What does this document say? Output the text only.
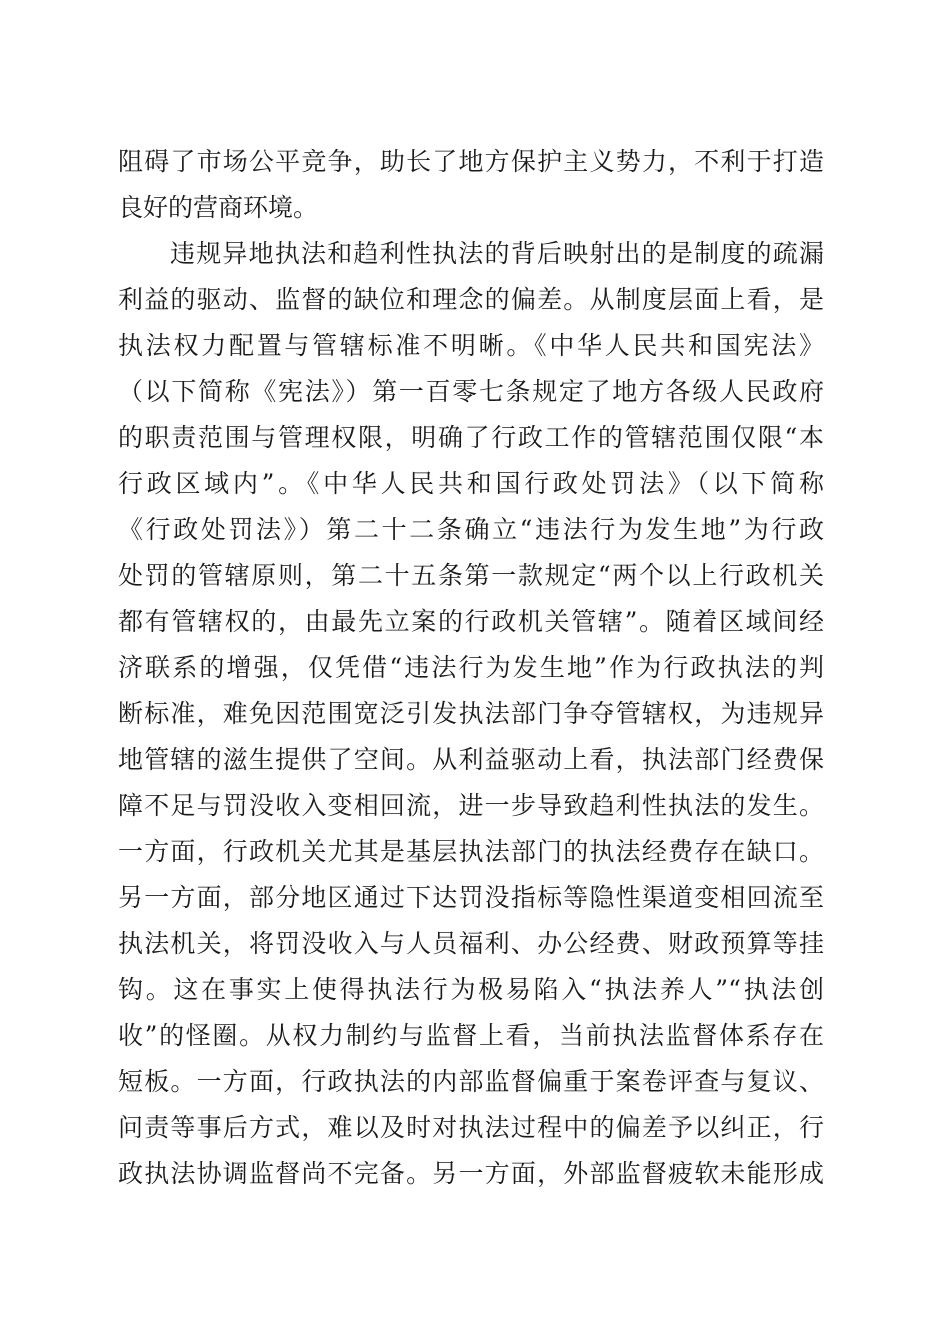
阻碍了市场公平竞争，助长了地方保护主义势力，不利于打造
良好的营商环境。
违规异地执法和趋利性执法的背后映射出的是制度的疏漏
利益的驱动、监督的缺位和理念的偏差。从制度层面上看，是
执法权力配置与管辖标准不明晰。《中华人民共和国宪法》
（以下简称《宪法》）第一百零七条规定了地方各级人民政府
的职责范围与管理权限，明确了行政工作的管辖范围仅限“本
行政区域内”。《中华人民共和国行政处罚法》（以下简称
《行政处罚法》）第二十二条确立“违法行为发生地”为行政
处罚的管辖原则，第二十五条第一款规定“两个以上行政机关
都有管辖权的，由最先立案的行政机关管辖”。随着区域间经
济联系的增强，仅凭借“违法行为发生地”作为行政执法的判
断标准，难免因范围宽泛引发执法部门争夺管辖权，为违规异
地管辖的滋生提供了空间。从利益驱动上看，执法部门经费保
障不足与罚没收入变相回流，进一步导致趋利性执法的发生。
一方面，行政机关尤其是基层执法部门的执法经费存在缺口。
另一方面，部分地区通过下达罚没指标等隐性渠道变相回流至
执法机关，将罚没收入与人员福利、办公经费、财政预算等挂
钩。这在事实上使得执法行为极易陷入“执法养人”“执法创
收”的怪圈。从权力制约与监督上看，当前执法监督体系存在
短板。一方面，行政执法的内部监督偏重于案卷评查与复议、
问责等事后方式，难以及时对执法过程中的偏差予以纠正，行
政执法协调监督尚不完备。另一方面，外部监督疲软未能形成
